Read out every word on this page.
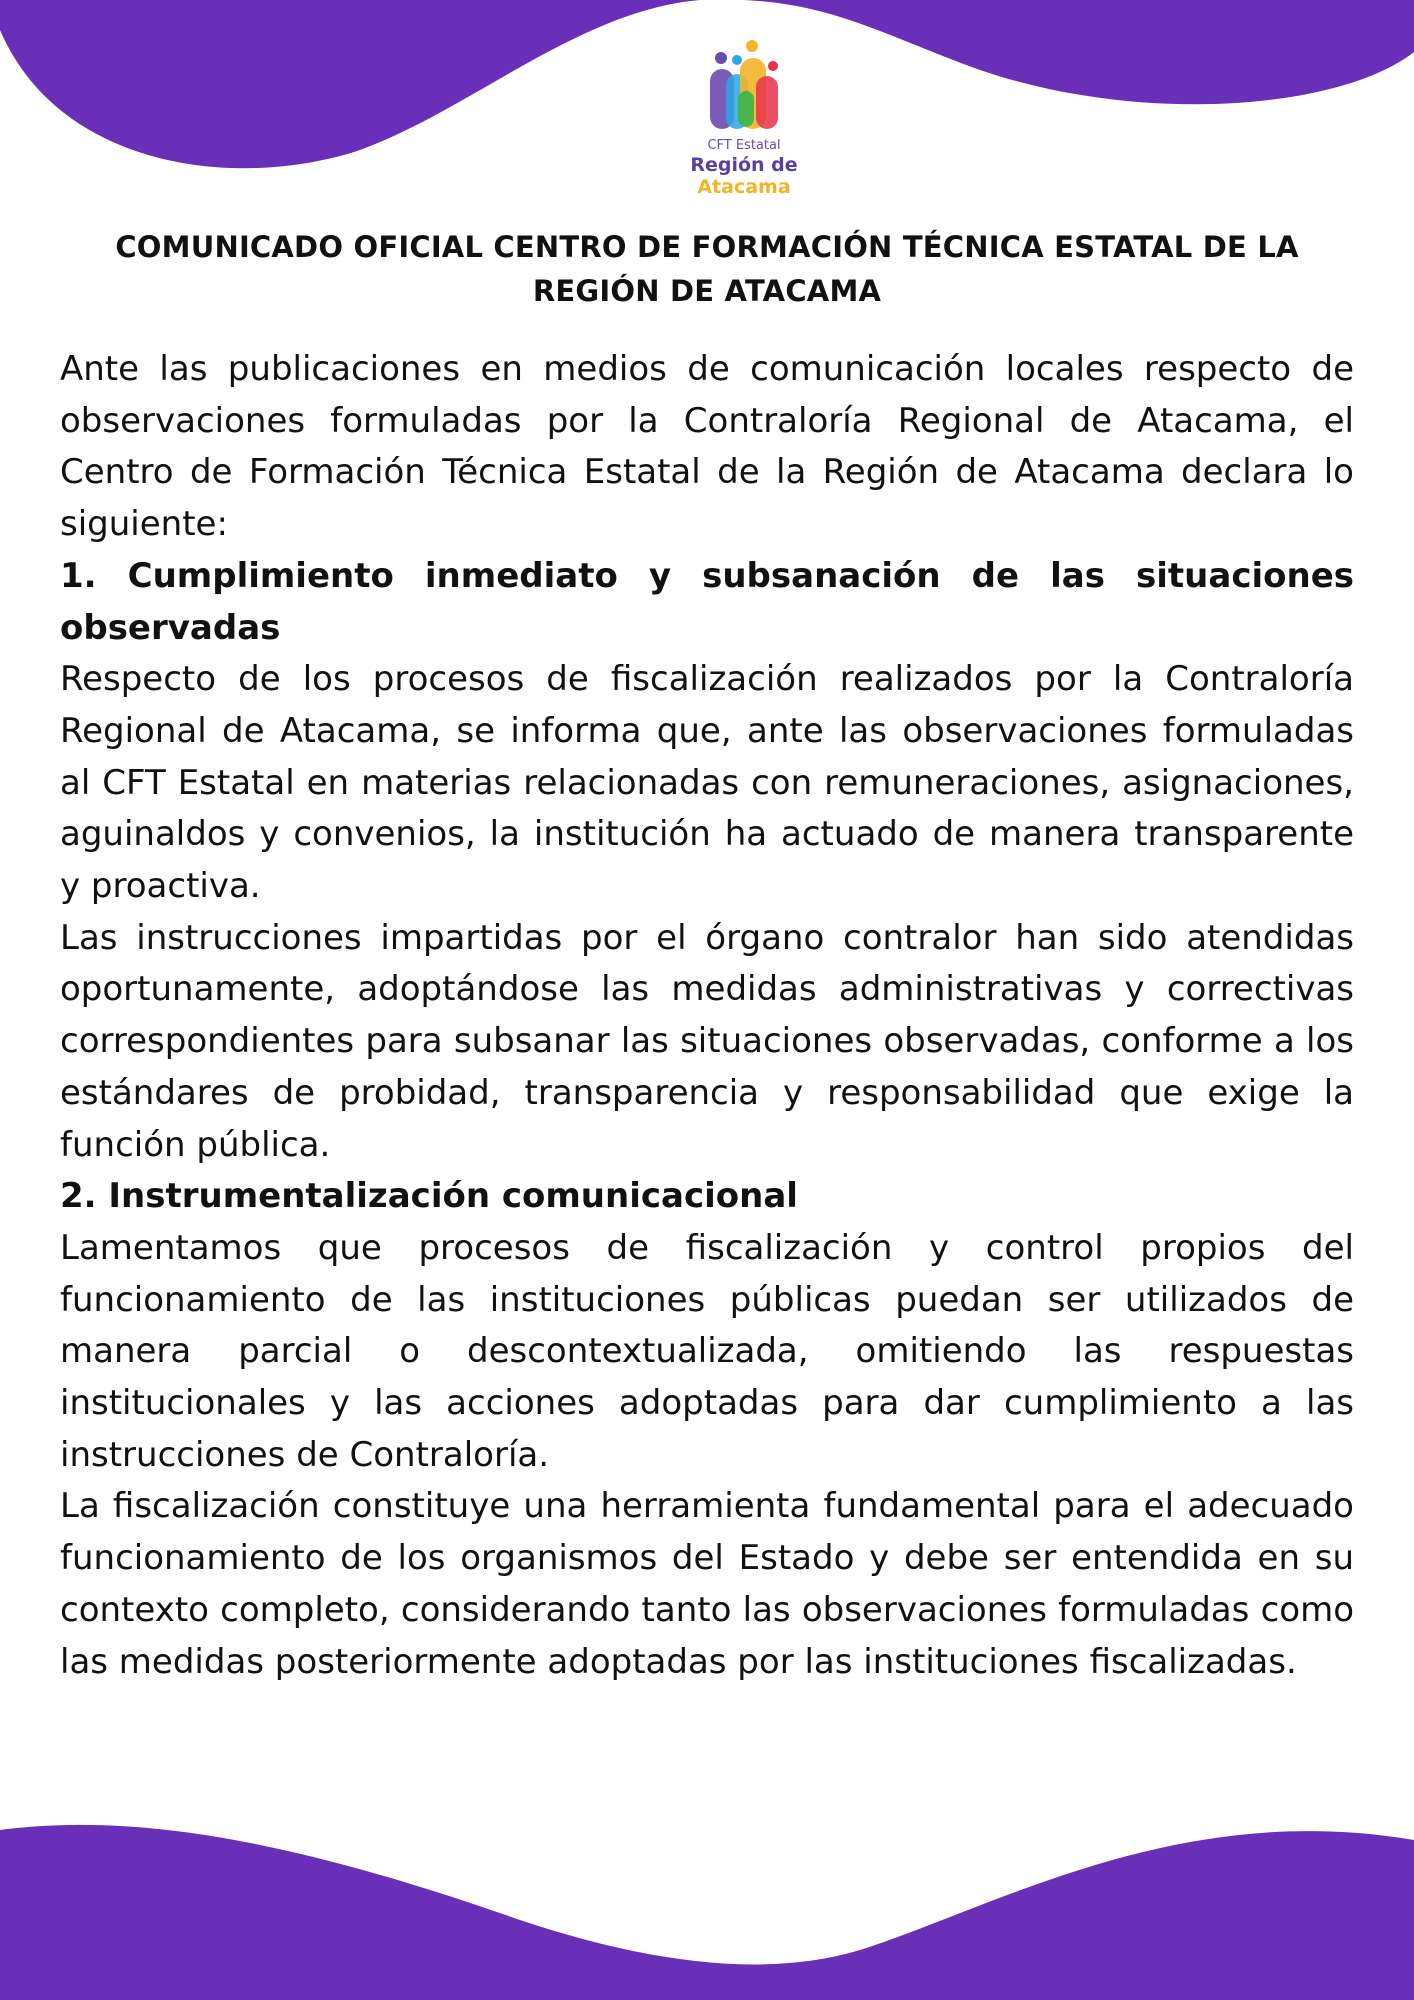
CFT Estatal
Región de Atacama
COMUNICADO OFICIAL CENTRO DE FORMACIÓN TÉCNICA ESTATAL DE LA REGIÓN DE ATACAMA

Ante las publicaciones en medios de comunicación locales respecto de observaciones formuladas por la Contraloría Regional de Atacama, el Centro de Formación Técnica Estatal de la Región de Atacama declara lo siguiente:

1. Cumplimiento inmediato y subsanación de las situaciones observadas

Respecto de los procesos de fiscalización realizados por la Contraloría Regional de Atacama, se informa que, ante las observaciones formuladas al CFT Estatal en materias relacionadas con remuneraciones, asignaciones, aguinaldos y convenios, la institución ha actuado de manera transparente y proactiva.

Las instrucciones impartidas por el órgano contralor han sido atendidas oportunamente, adoptándose las medidas administrativas y correctivas correspondientes para subsanar las situaciones observadas, conforme a los estándares de probidad, transparencia y responsabilidad que exige la función pública.

2. Instrumentalización comunicacional

Lamentamos que procesos de fiscalización y control propios del funcionamiento de las instituciones públicas puedan ser utilizados de manera parcial o descontextualizada, omitiendo las respuestas institucionales y las acciones adoptadas para dar cumplimiento a las instrucciones de Contraloría.

La fiscalización constituye una herramienta fundamental para el adecuado funcionamiento de los organismos del Estado y debe ser entendida en su contexto completo, considerando tanto las observaciones formuladas como las medidas posteriormente adoptadas por las instituciones fiscalizadas.
